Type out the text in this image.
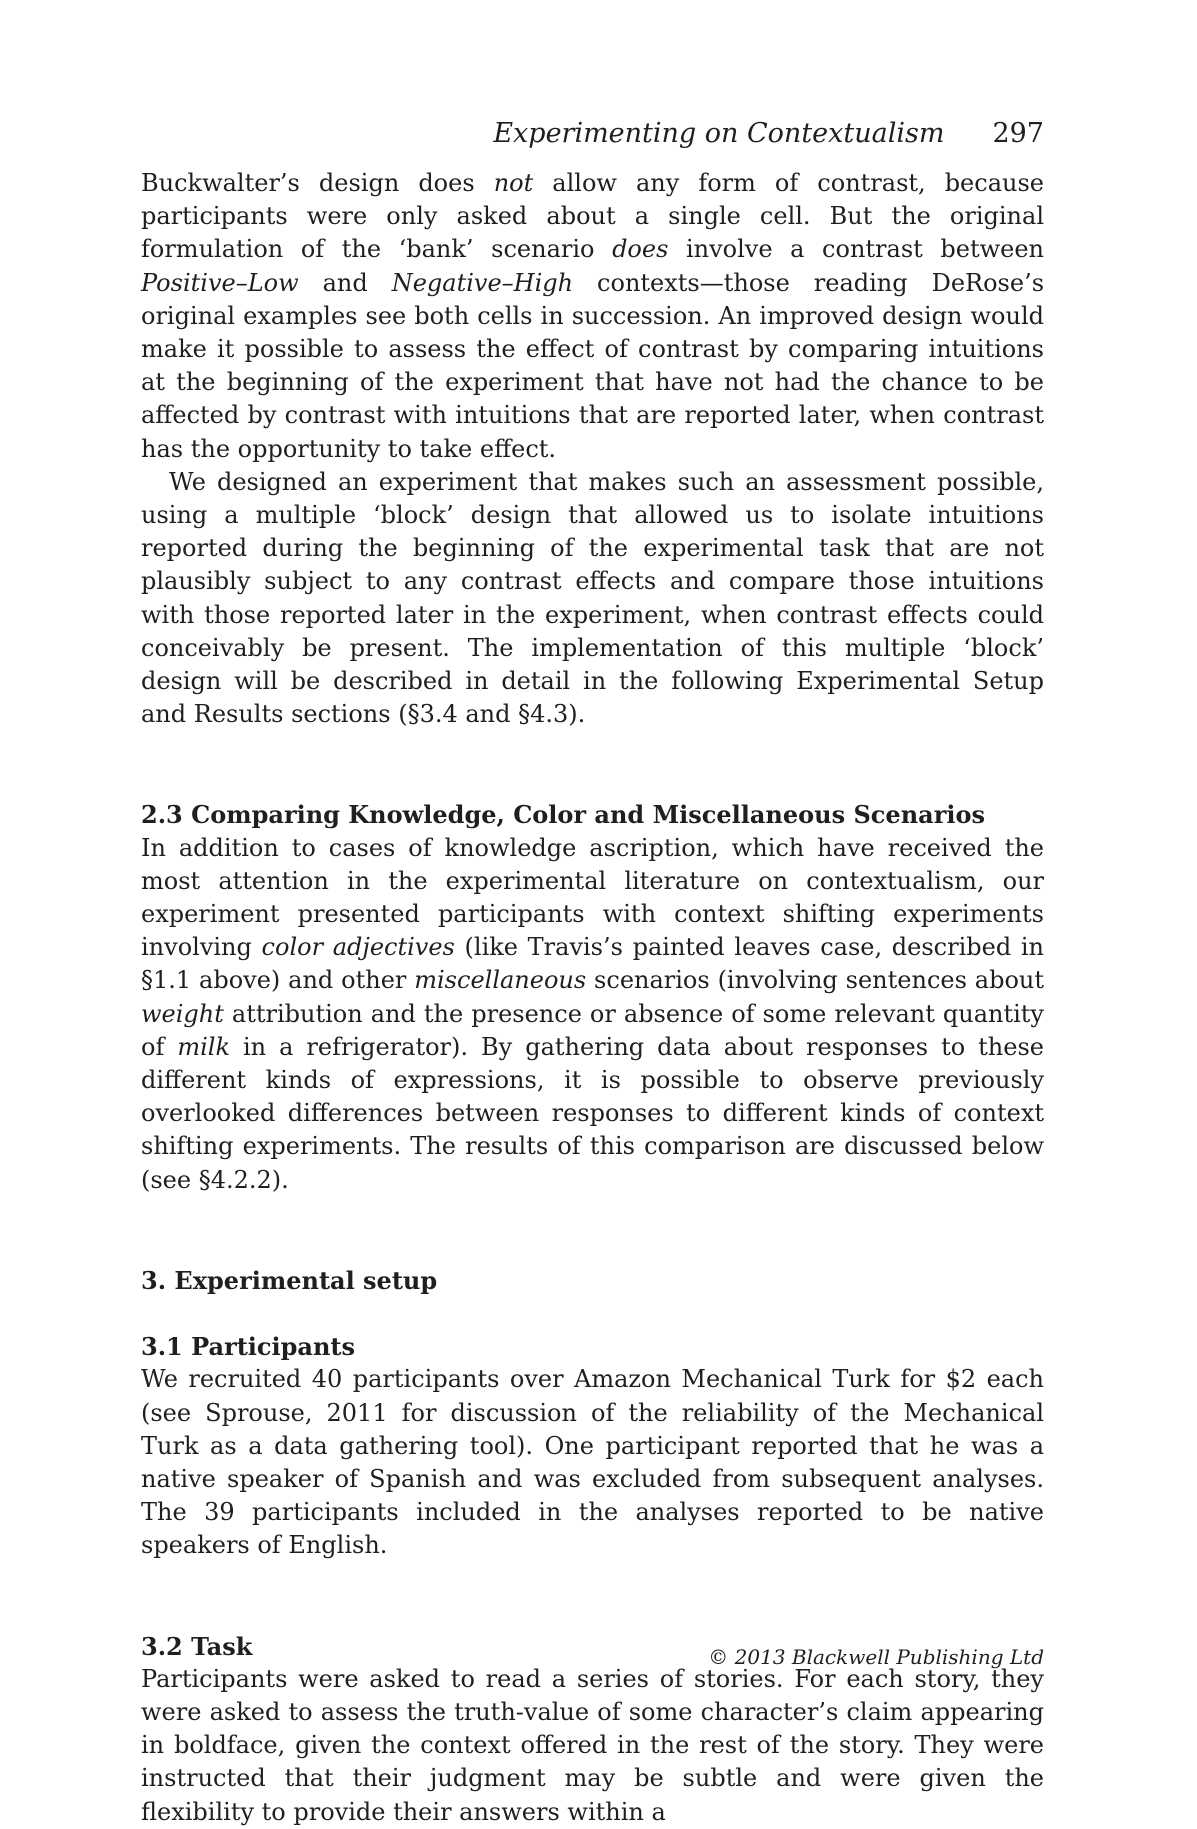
Experimenting on Contextualism 297

Buckwalter’s design does not allow any form of contrast, because participants were only asked about a single cell. But the original formulation of the ‘bank’ scenario does involve a contrast between Positive–Low and Negative–High contexts—those reading DeRose’s original examples see both cells in succession. An improved design would make it possible to assess the effect of contrast by comparing intuitions at the beginning of the experiment that have not had the chance to be affected by contrast with intuitions that are reported later, when contrast has the opportunity to take effect.

We designed an experiment that makes such an assessment possible, using a multiple ‘block’ design that allowed us to isolate intuitions reported during the beginning of the experimental task that are not plausibly subject to any contrast effects and compare those intuitions with those reported later in the experiment, when contrast effects could conceivably be present. The implementation of this multiple ‘block’ design will be described in detail in the following Experimental Setup and Results sections (§3.4 and §4.3).

2.3 Comparing Knowledge, Color and Miscellaneous Scenarios

In addition to cases of knowledge ascription, which have received the most attention in the experimental literature on contextualism, our experiment presented participants with context shifting experiments involving color adjectives (like Travis’s painted leaves case, described in §1.1 above) and other miscellaneous scenarios (involving sentences about weight attribution and the presence or absence of some relevant quantity of milk in a refrigerator). By gathering data about responses to these different kinds of expressions, it is possible to observe previously overlooked differences between responses to different kinds of context shifting experiments. The results of this comparison are discussed below (see §4.2.2).

3. Experimental setup
3.1 Participants

We recruited 40 participants over Amazon Mechanical Turk for $2 each (see Sprouse, 2011 for discussion of the reliability of the Mechanical Turk as a data gathering tool). One participant reported that he was a native speaker of Spanish and was excluded from subsequent analyses. The 39 participants included in the analyses reported to be native speakers of English.

3.2 Task

Participants were asked to read a series of stories. For each story, they were asked to assess the truth-value of some character’s claim appearing in boldface, given the context offered in the rest of the story. They were instructed that their judgment may be subtle and were given the flexibility to provide their answers within a

© 2013 Blackwell Publishing Ltd
